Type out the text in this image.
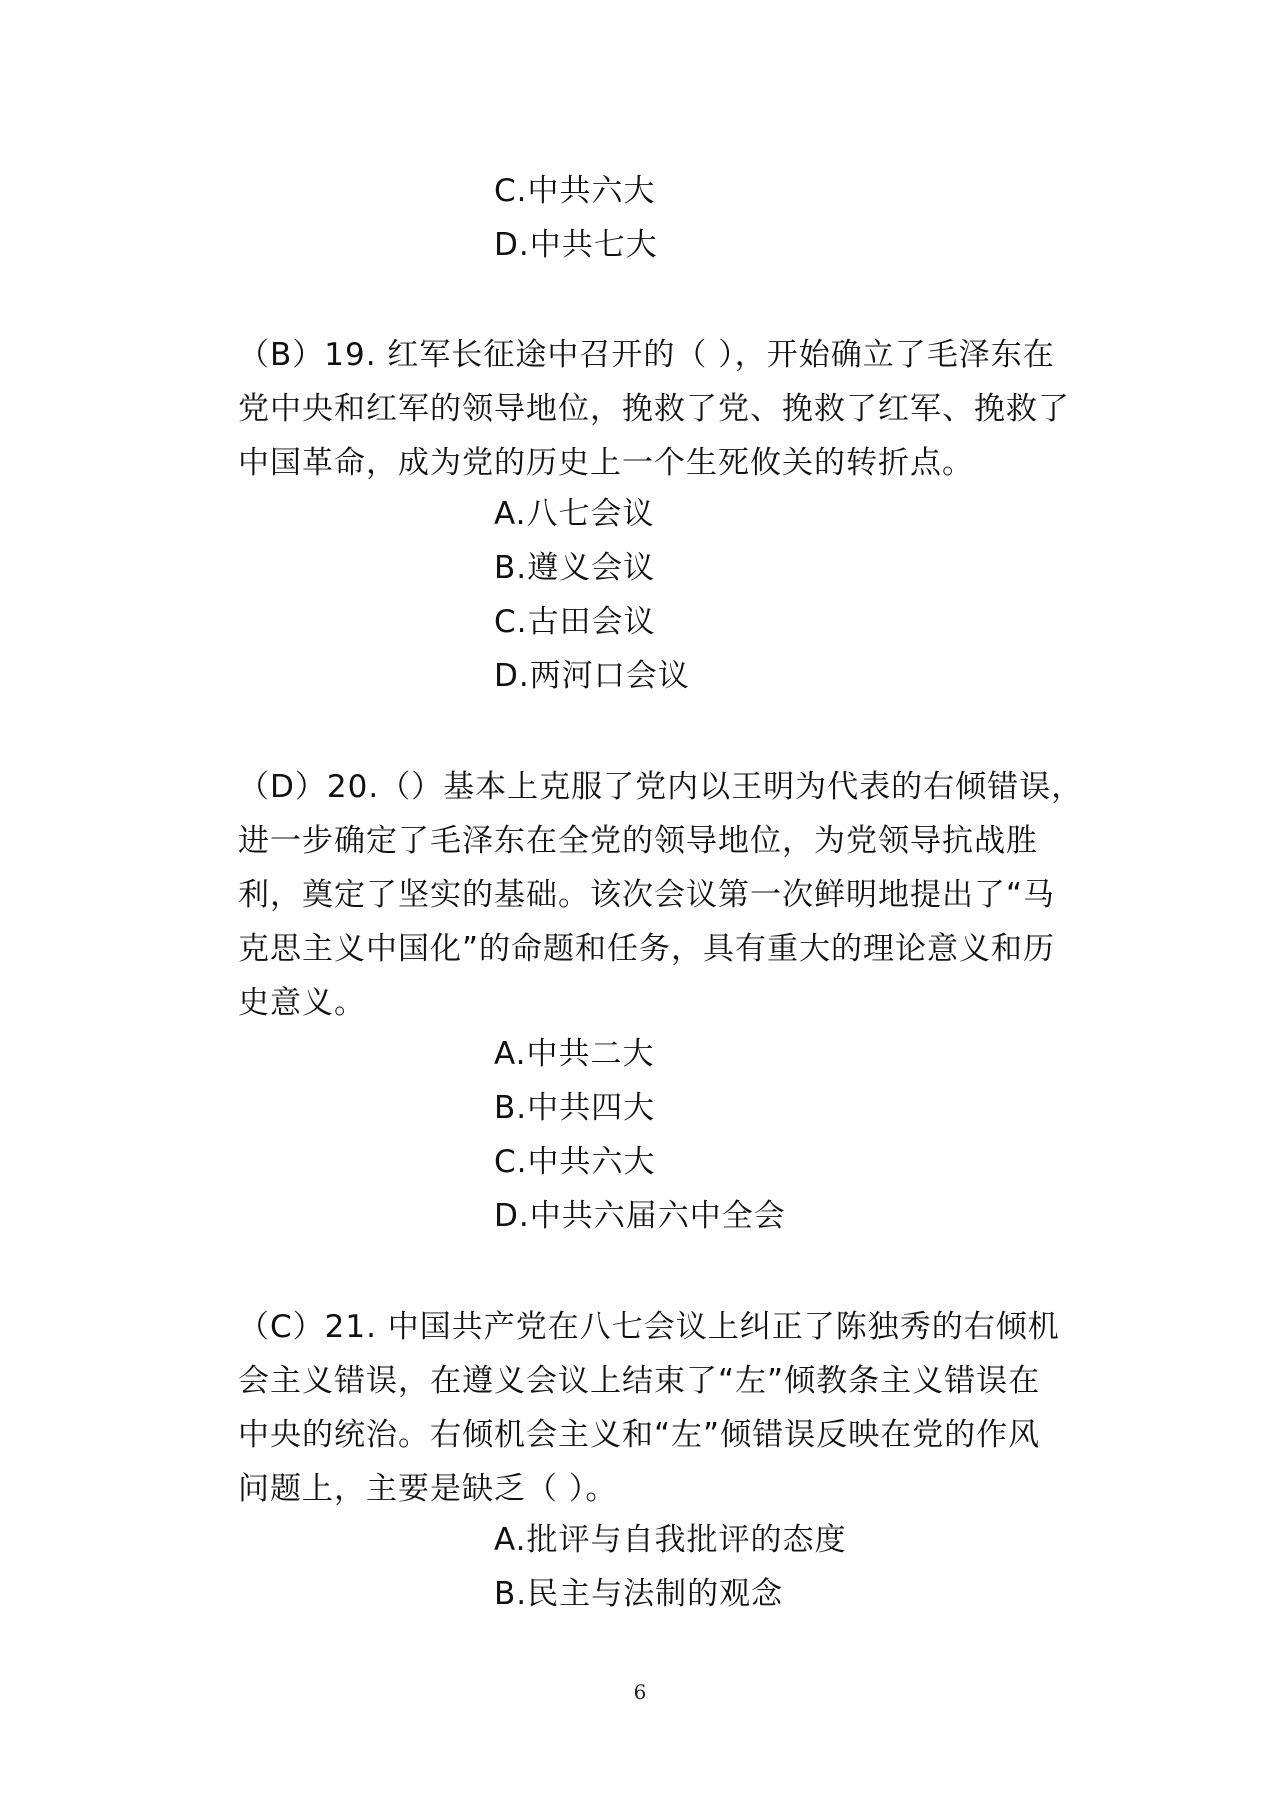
C.中共六大
D.中共七大
（B）19. 红军长征途中召开的（ ），开始确立了毛泽东在
党中央和红军的领导地位，挽救了党、挽救了红军、挽救了
中国革命，成为党的历史上一个生死攸关的转折点。
A.八七会议
B.遵义会议
C.古田会议
D.两河口会议
（D）20.（）基本上克服了党内以王明为代表的右倾错误，
进一步确定了毛泽东在全党的领导地位，为党领导抗战胜
利，奠定了坚实的基础。该次会议第一次鲜明地提出了“马
克思主义中国化”的命题和任务，具有重大的理论意义和历
史意义。
A.中共二大
B.中共四大
C.中共六大
D.中共六届六中全会
（C）21. 中国共产党在八七会议上纠正了陈独秀的右倾机
会主义错误，在遵义会议上结束了“左”倾教条主义错误在
中央的统治。右倾机会主义和“左”倾错误反映在党的作风
问题上，主要是缺乏（ ）。
A.批评与自我批评的态度
B.民主与法制的观念
6
